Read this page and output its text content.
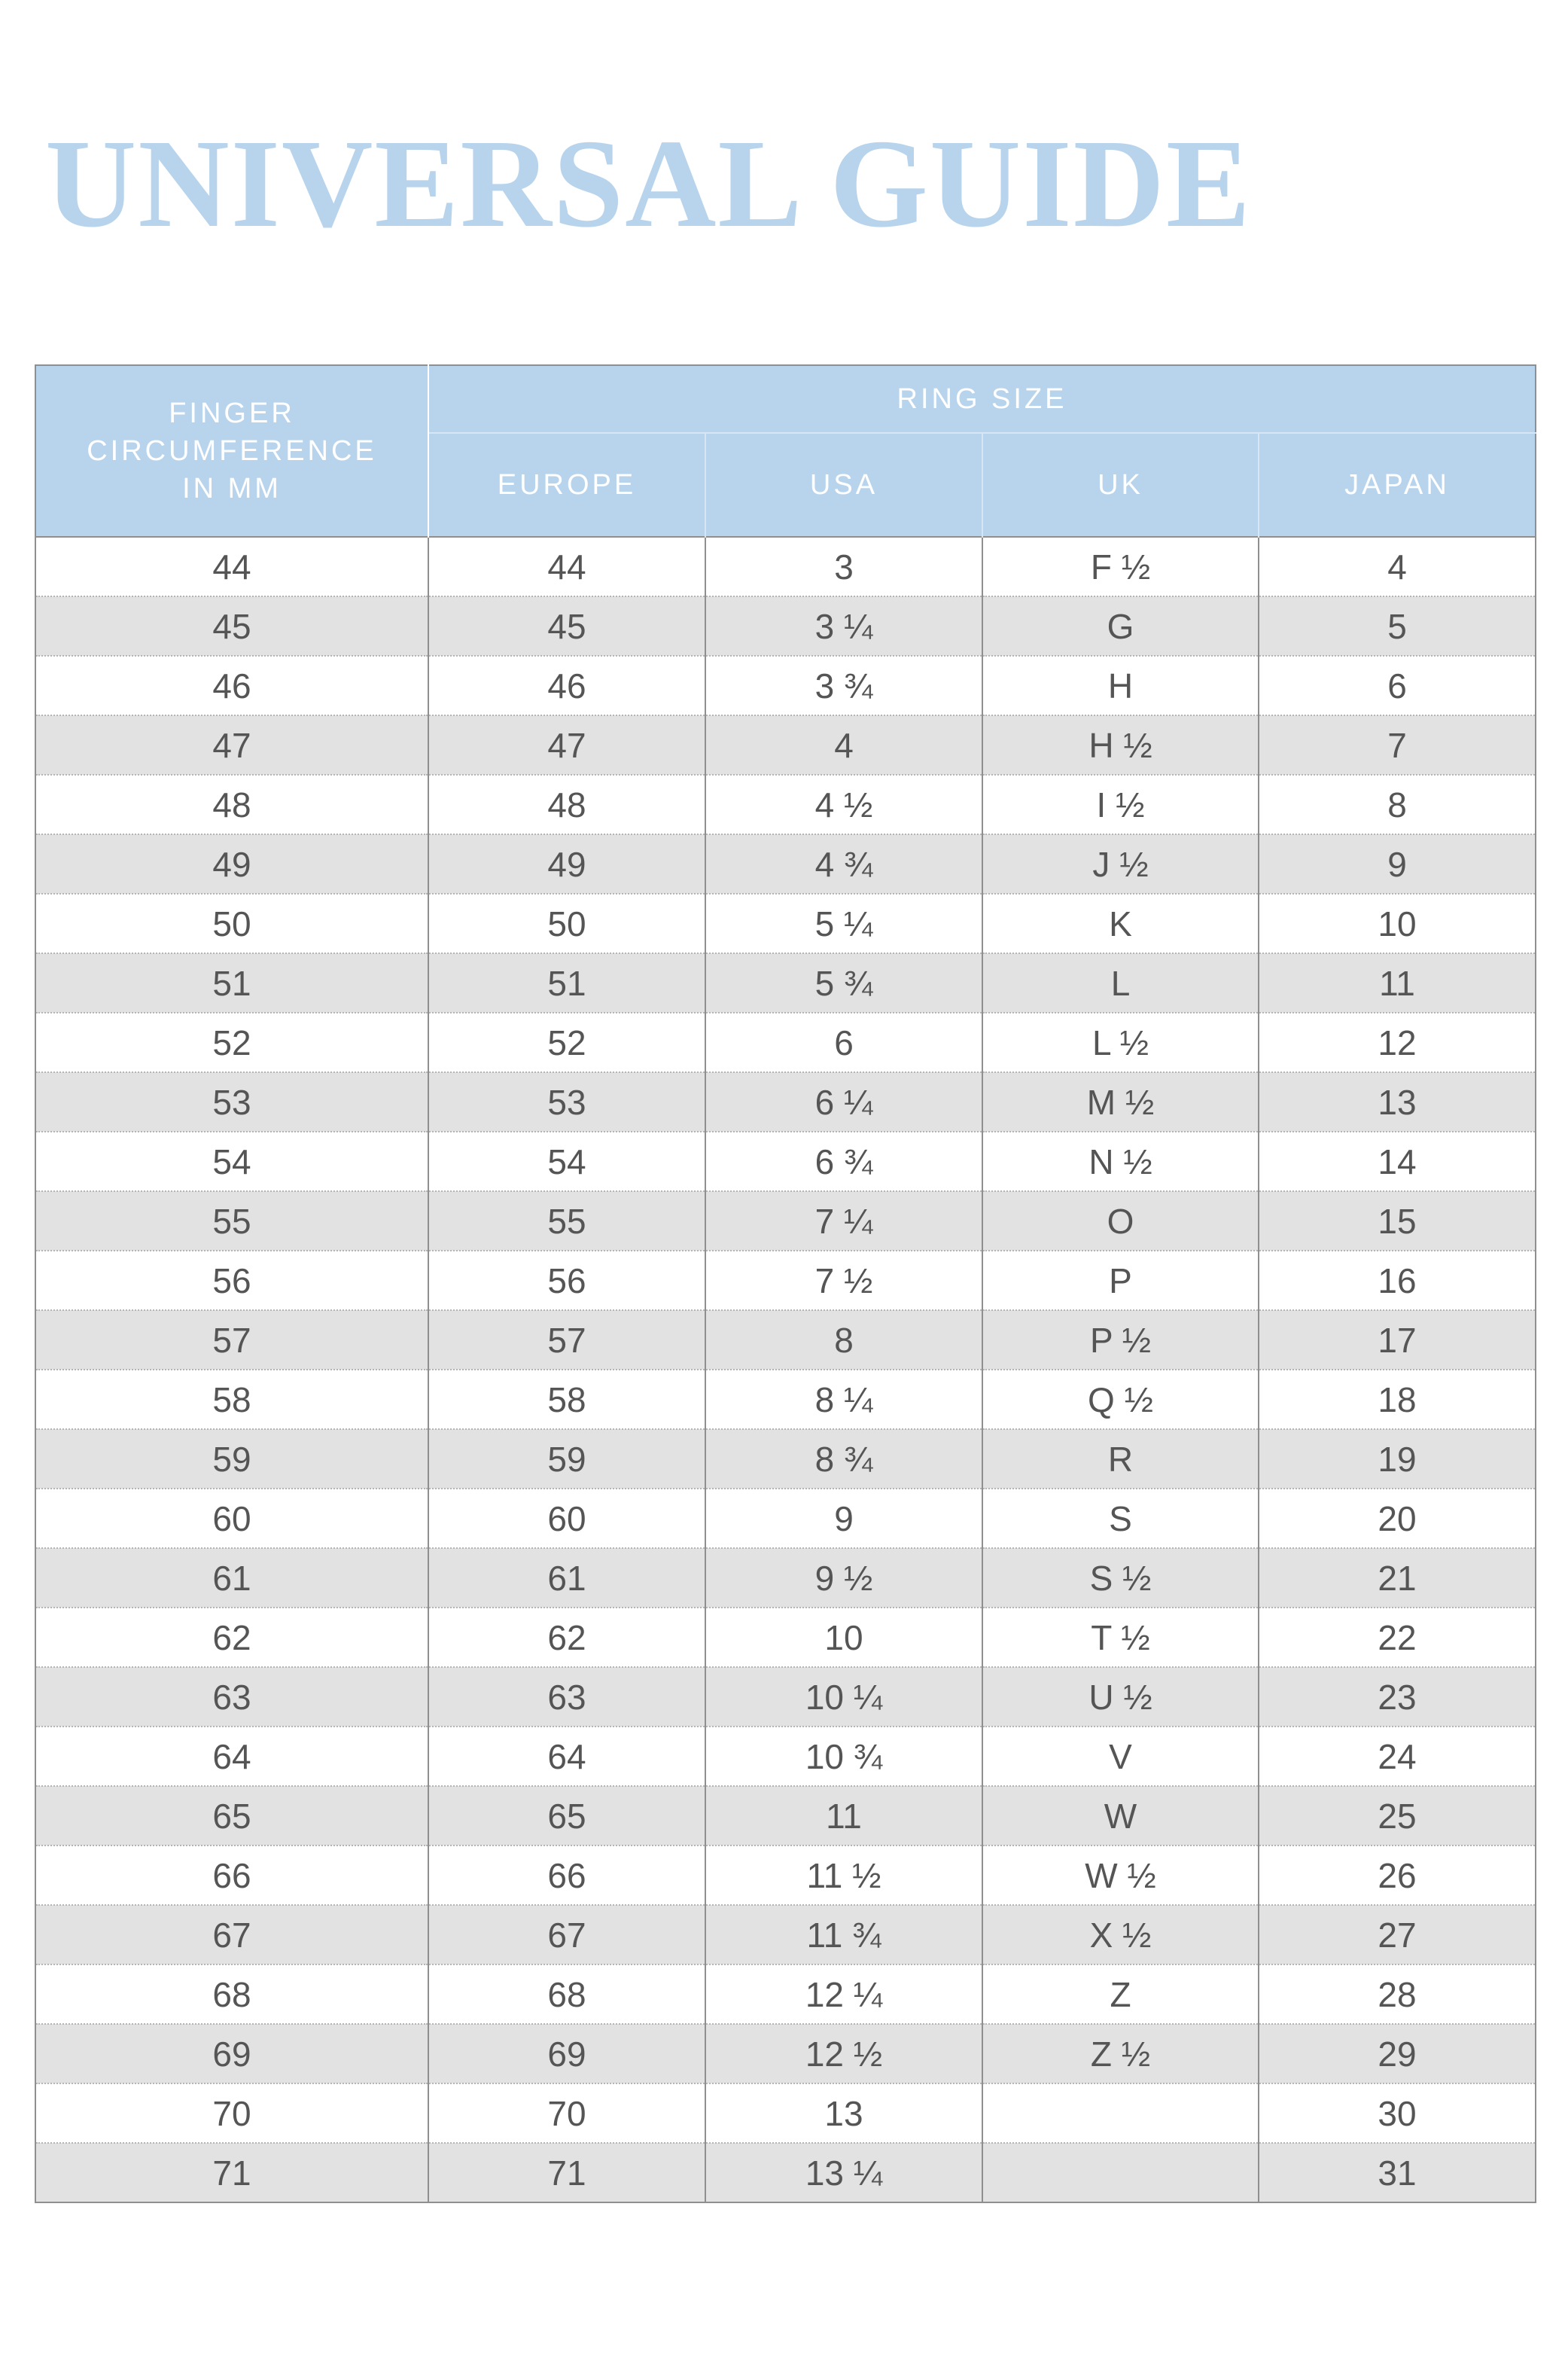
UNIVERSAL GUIDE
FINGER
CIRCUMFERENCE
IN MM	RING SIZE			
	EUROPE	USA	UK	JAPAN
44	44	3	F ½	4
45	45	3 ¼	G	5
46	46	3 ¾	H	6
47	47	4	H ½	7
48	48	4 ½	I ½	8
49	49	4 ¾	J ½	9
50	50	5 ¼	K	10
51	51	5 ¾	L	11
52	52	6	L ½	12
53	53	6 ¼	M ½	13
54	54	6 ¾	N ½	14
55	55	7 ¼	O	15
56	56	7 ½	P	16
57	57	8	P ½	17
58	58	8 ¼	Q ½	18
59	59	8 ¾	R	19
60	60	9	S	20
61	61	9 ½	S ½	21
62	62	10	T ½	22
63	63	10 ¼	U ½	23
64	64	10 ¾	V	24
65	65	11	W	25
66	66	11 ½	W ½	26
67	67	11 ¾	X ½	27
68	68	12 ¼	Z	28
69	69	12 ½	Z ½	29
70	70	13		30
71	71	13 ¼		31
